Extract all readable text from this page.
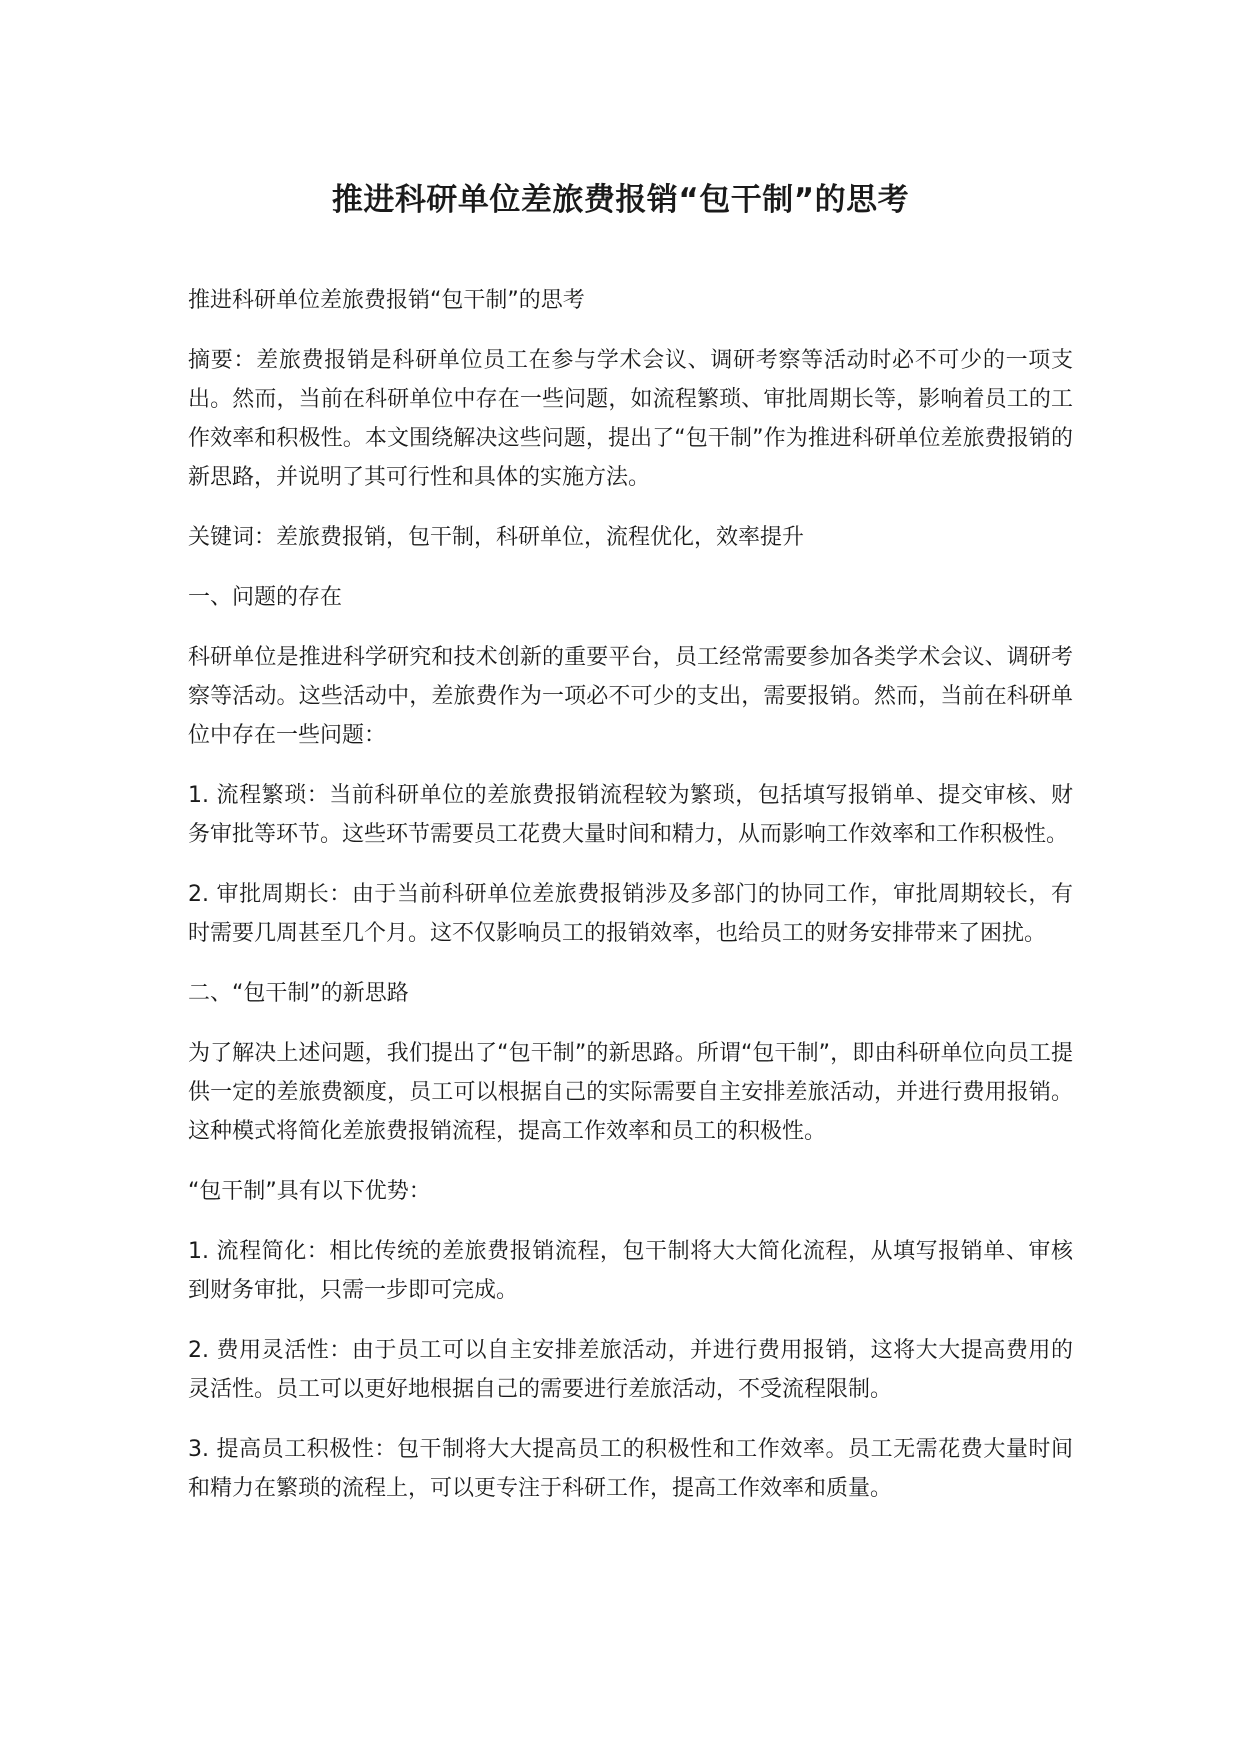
推进科研单位差旅费报销“包干制”的思考

推进科研单位差旅费报销“包干制”的思考

摘要：差旅费报销是科研单位员工在参与学术会议、调研考察等活动时必不可少的一项支出。然而，当前在科研单位中存在一些问题，如流程繁琐、审批周期长等，影响着员工的工作效率和积极性。本文围绕解决这些问题，提出了“包干制”作为推进科研单位差旅费报销的新思路，并说明了其可行性和具体的实施方法。

关键词：差旅费报销，包干制，科研单位，流程优化，效率提升

一、问题的存在

科研单位是推进科学研究和技术创新的重要平台，员工经常需要参加各类学术会议、调研考察等活动。这些活动中，差旅费作为一项必不可少的支出，需要报销。然而，当前在科研单位中存在一些问题：

1. 流程繁琐：当前科研单位的差旅费报销流程较为繁琐，包括填写报销单、提交审核、财务审批等环节。这些环节需要员工花费大量时间和精力，从而影响工作效率和工作积极性。

2. 审批周期长：由于当前科研单位差旅费报销涉及多部门的协同工作，审批周期较长，有时需要几周甚至几个月。这不仅影响员工的报销效率，也给员工的财务安排带来了困扰。

二、“包干制”的新思路

为了解决上述问题，我们提出了“包干制”的新思路。所谓“包干制”，即由科研单位向员工提供一定的差旅费额度，员工可以根据自己的实际需要自主安排差旅活动，并进行费用报销。这种模式将简化差旅费报销流程，提高工作效率和员工的积极性。

“包干制”具有以下优势：

1. 流程简化：相比传统的差旅费报销流程，包干制将大大简化流程，从填写报销单、审核到财务审批，只需一步即可完成。

2. 费用灵活性：由于员工可以自主安排差旅活动，并进行费用报销，这将大大提高费用的灵活性。员工可以更好地根据自己的需要进行差旅活动，不受流程限制。

3. 提高员工积极性：包干制将大大提高员工的积极性和工作效率。员工无需花费大量时间和精力在繁琐的流程上，可以更专注于科研工作，提高工作效率和质量。
